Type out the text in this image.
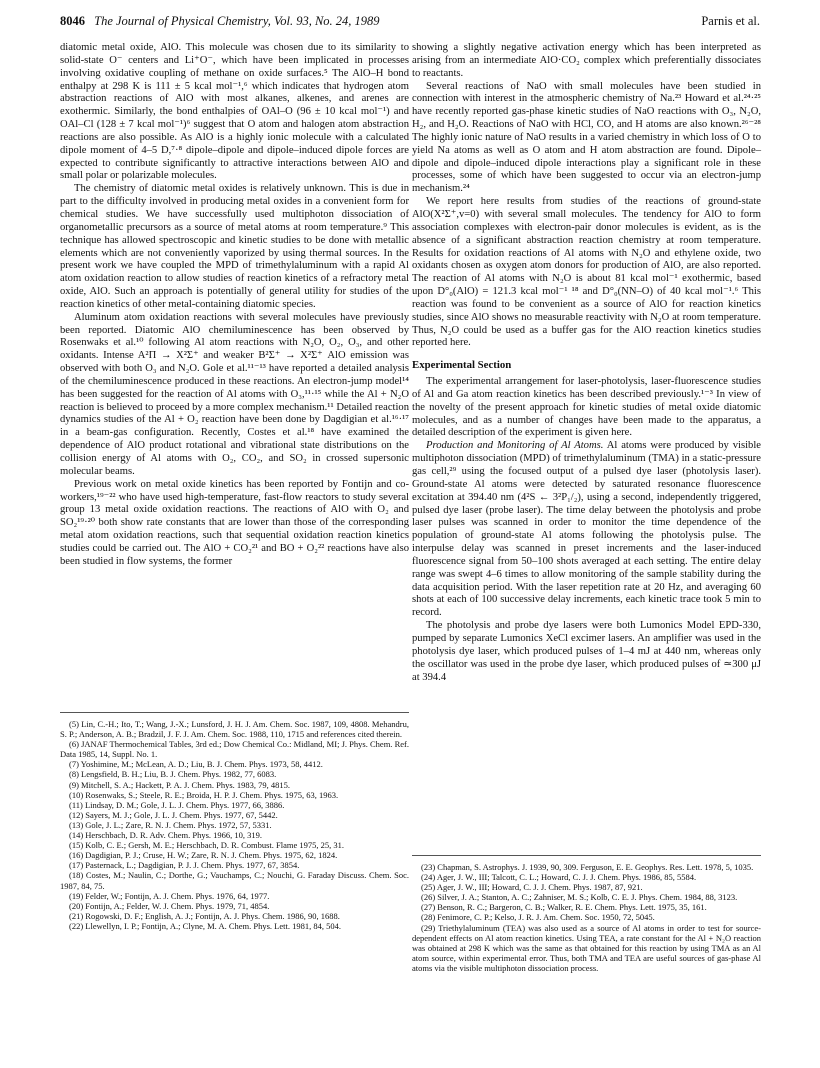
8046 The Journal of Physical Chemistry, Vol. 93, No. 24, 1989	Parnis et al.

diatomic metal oxide, AlO. This molecule was chosen due to its similarity to solid-state O⁻ centers and Li⁺O⁻, which have been implicated in processes involving oxidative coupling of methane on oxide surfaces.⁵ The AlO–H bond enthalpy at 298 K is 111 ± 5 kcal mol⁻¹,⁶ which indicates that hydrogen atom abstraction reactions of AlO with most alkanes, alkenes, and arenes are exothermic. Similarly, the bond enthalpies of OAl–O (96 ± 10 kcal mol⁻¹) and OAl–Cl (128 ± 7 kcal mol⁻¹)⁶ suggest that O atom and halogen atom abstraction reactions are also possible. As AlO is a highly ionic molecule with a calculated dipole moment of 4–5 D,⁷·⁸ dipole–dipole and dipole–induced dipole forces are expected to contribute significantly to attractive interactions between AlO and small polar or polarizable molecules.

The chemistry of diatomic metal oxides is relatively unknown. This is due in part to the difficulty involved in producing metal oxides in a convenient form for chemical studies. We have successfully used multiphoton dissociation of organometallic precursors as a source of metal atoms at room temperature.⁹ This technique has allowed spectroscopic and kinetic studies to be done with metallic elements which are not conveniently vaporized by using thermal sources. In the present work we have coupled the MPD of trimethylaluminum with a rapid Al atom oxidation reaction to allow studies of reaction kinetics of a refractory metal oxide, AlO. Such an approach is potentially of general utility for studies of the reaction kinetics of other metal-containing diatomic species.

Aluminum atom oxidation reactions with several molecules have previously been reported. Diatomic AlO chemiluminescence has been observed by Rosenwaks et al.¹⁰ following Al atom reactions with N₂O, O₂, O₃, and other oxidants. Intense A²Π → X²Σ⁺ and weaker B²Σ⁺ → X²Σ⁺ AlO emission was observed with both O₃ and N₂O. Gole et al.¹¹⁻¹³ have reported a detailed analysis of the chemiluminescence produced in these reactions. An electron-jump model¹⁴ has been suggested for the reaction of Al atoms with O₃,¹¹·¹⁵ while the Al + N₂O reaction is believed to proceed by a more complex mechanism.¹¹ Detailed reaction dynamics studies of the Al + O₂ reaction have been done by Dagdigian et al.¹⁶·¹⁷ in a beam-gas configuration. Recently, Costes et al.¹⁸ have examined the dependence of AlO product rotational and vibrational state distributions on the collision energy of Al atoms with O₂, CO₂, and SO₂ in crossed supersonic molecular beams.

Previous work on metal oxide kinetics has been reported by Fontijn and co-workers,¹⁹⁻²² who have used high-temperature, fast-flow reactors to study several group 13 metal oxide oxidation reactions. The reactions of AlO with O₂ and SO₂¹⁹·²⁰ both show rate constants that are lower than those of the corresponding metal atom oxidation reactions, such that sequential oxidation reaction kinetics studies could be carried out. The AlO + CO₂²¹ and BO + O₂²² reactions have also been studied in flow systems, the former

(5) Lin, C.-H.; Ito, T.; Wang, J.-X.; Lunsford, J. H. J. Am. Chem. Soc. 1987, 109, 4808. Mehandru, S. P.; Anderson, A. B.; Bradzil, J. F. J. Am. Chem. Soc. 1988, 110, 1715 and references cited therein.
(6) JANAF Thermochemical Tables, 3rd ed.; Dow Chemical Co.: Midland, MI; J. Phys. Chem. Ref. Data 1985, 14, Suppl. No. 1.
(7) Yoshimine, M.; McLean, A. D.; Liu, B. J. Chem. Phys. 1973, 58, 4412.
(8) Lengsfield, B. H.; Liu, B. J. Chem. Phys. 1982, 77, 6083.
(9) Mitchell, S. A.; Hackett, P. A. J. Chem. Phys. 1983, 79, 4815.
(10) Rosenwaks, S.; Steele, R. E.; Broida, H. P. J. Chem. Phys. 1975, 63, 1963.
(11) Lindsay, D. M.; Gole, J. L. J. Chem. Phys. 1977, 66, 3886.
(12) Sayers, M. J.; Gole, J. L. J. Chem. Phys. 1977, 67, 5442.
(13) Gole, J. L.; Zare, R. N. J. Chem. Phys. 1972, 57, 5331.
(14) Herschbach, D. R. Adv. Chem. Phys. 1966, 10, 319.
(15) Kolb, C. E.; Gersh, M. E.; Herschbach, D. R. Combust. Flame 1975, 25, 31.
(16) Dagdigian, P. J.; Cruse, H. W.; Zare, R. N. J. Chem. Phys. 1975, 62, 1824.
(17) Pasternack, L.; Dagdigian, P. J. J. Chem. Phys. 1977, 67, 3854.
(18) Costes, M.; Naulin, C.; Dorthe, G.; Vauchamps, C.; Nouchi, G. Faraday Discuss. Chem. Soc. 1987, 84, 75.
(19) Felder, W.; Fontijn, A. J. Chem. Phys. 1976, 64, 1977.
(20) Fontijn, A.; Felder, W. J. Chem. Phys. 1979, 71, 4854.
(21) Rogowski, D. F.; English, A. J.; Fontijn, A. J. Phys. Chem. 1986, 90, 1688.
(22) Llewellyn, I. P.; Fontijn, A.; Clyne, M. A. Chem. Phys. Lett. 1981, 84, 504.

showing a slightly negative activation energy which has been interpreted as arising from an intermediate AlO·CO₂ complex which preferentially dissociates to reactants.

Several reactions of NaO with small molecules have been studied in connection with interest in the atmospheric chemistry of Na.²³ Howard et al.²⁴·²⁵ have recently reported gas-phase kinetic studies of NaO reactions with O₃, N₂O, H₂, and H₂O. Reactions of NaO with HCl, CO, and H atoms are also known.²⁶⁻²⁸ The highly ionic nature of NaO results in a varied chemistry in which loss of O to yield Na atoms as well as O atom and H atom abstraction are found. Dipole–dipole and dipole–induced dipole interactions play a significant role in these processes, some of which have been suggested to occur via an electron-jump mechanism.²⁴

We report here results from studies of the reactions of ground-state AlO(X²Σ⁺,v=0) with several small molecules. The tendency for AlO to form association complexes with electron-pair donor molecules is evident, as is the absence of a significant abstraction reaction chemistry at room temperature. Results for oxidation reactions of Al atoms with N₂O and ethylene oxide, two oxidants chosen as oxygen atom donors for production of AlO, are also reported. The reaction of Al atoms with N₂O is about 81 kcal mol⁻¹ exothermic, based upon D°₀(AlO) = 121.3 kcal mol⁻¹ ¹⁸ and D°₀(NN–O) of 40 kcal mol⁻¹.⁶ This reaction was found to be convenient as a source of AlO for reaction kinetics studies, since AlO shows no measurable reactivity with N₂O at room temperature. Thus, N₂O could be used as a buffer gas for the AlO reaction kinetics studies reported here.

Experimental Section

The experimental arrangement for laser-photolysis, laser-fluorescence studies of Al and Ga atom reaction kinetics has been described previously.¹⁻³ In view of the novelty of the present approach for kinetic studies of metal oxide diatomic molecules, and as a number of changes have been made to the apparatus, a detailed description of the experiment is given here.

Production and Monitoring of Al Atoms. Al atoms were produced by visible multiphoton dissociation (MPD) of trimethylaluminum (TMA) in a static-pressure gas cell,²⁹ using the focused output of a pulsed dye laser (photolysis laser). Ground-state Al atoms were detected by saturated resonance fluorescence excitation at 394.40 nm (4²S ← 3²P₁/₂), using a second, independently triggered, pulsed dye laser (probe laser). The time delay between the photolysis and probe laser pulses was scanned in order to monitor the time dependence of the population of ground-state Al atoms following the photolysis pulse. The interpulse delay was scanned in preset increments and the laser-induced fluorescence signal from 50–100 shots averaged at each setting. The entire delay range was swept 4–6 times to allow monitoring of the sample stability during the data acquisition period. With the laser repetition rate at 20 Hz, and averaging 60 shots at each of 100 successive delay increments, each kinetic trace took 5 min to record.

The photolysis and probe dye lasers were both Lumonics Model EPD-330, pumped by separate Lumonics XeCl excimer lasers. An amplifier was used in the photolysis dye laser, which produced pulses of 1–4 mJ at 440 nm, whereas only the oscillator was used in the probe dye laser, which produced pulses of ≃300 μJ at 394.4

(23) Chapman, S. Astrophys. J. 1939, 90, 309. Ferguson, E. E. Geophys. Res. Lett. 1978, 5, 1035.
(24) Ager, J. W., III; Talcott, C. L.; Howard, C. J. J. Chem. Phys. 1986, 85, 5584.
(25) Ager, J. W., III; Howard, C. J. J. Chem. Phys. 1987, 87, 921.
(26) Silver, J. A.; Stanton, A. C.; Zahniser, M. S.; Kolb, C. E. J. Phys. Chem. 1984, 88, 3123.
(27) Benson, R. C.; Bargeron, C. B.; Walker, R. E. Chem. Phys. Lett. 1975, 35, 161.
(28) Fenimore, C. P.; Kelso, J. R. J. Am. Chem. Soc. 1950, 72, 5045.
(29) Triethylaluminum (TEA) was also used as a source of Al atoms in order to test for source-dependent effects on Al atom reaction kinetics. Using TEA, a rate constant for the Al + N₂O reaction was obtained at 298 K which was the same as that obtained for this reaction by using TMA as an Al atom source, within experimental error. Thus, both TMA and TEA are useful sources of gas-phase Al atoms via the visible multiphoton dissociation process.
